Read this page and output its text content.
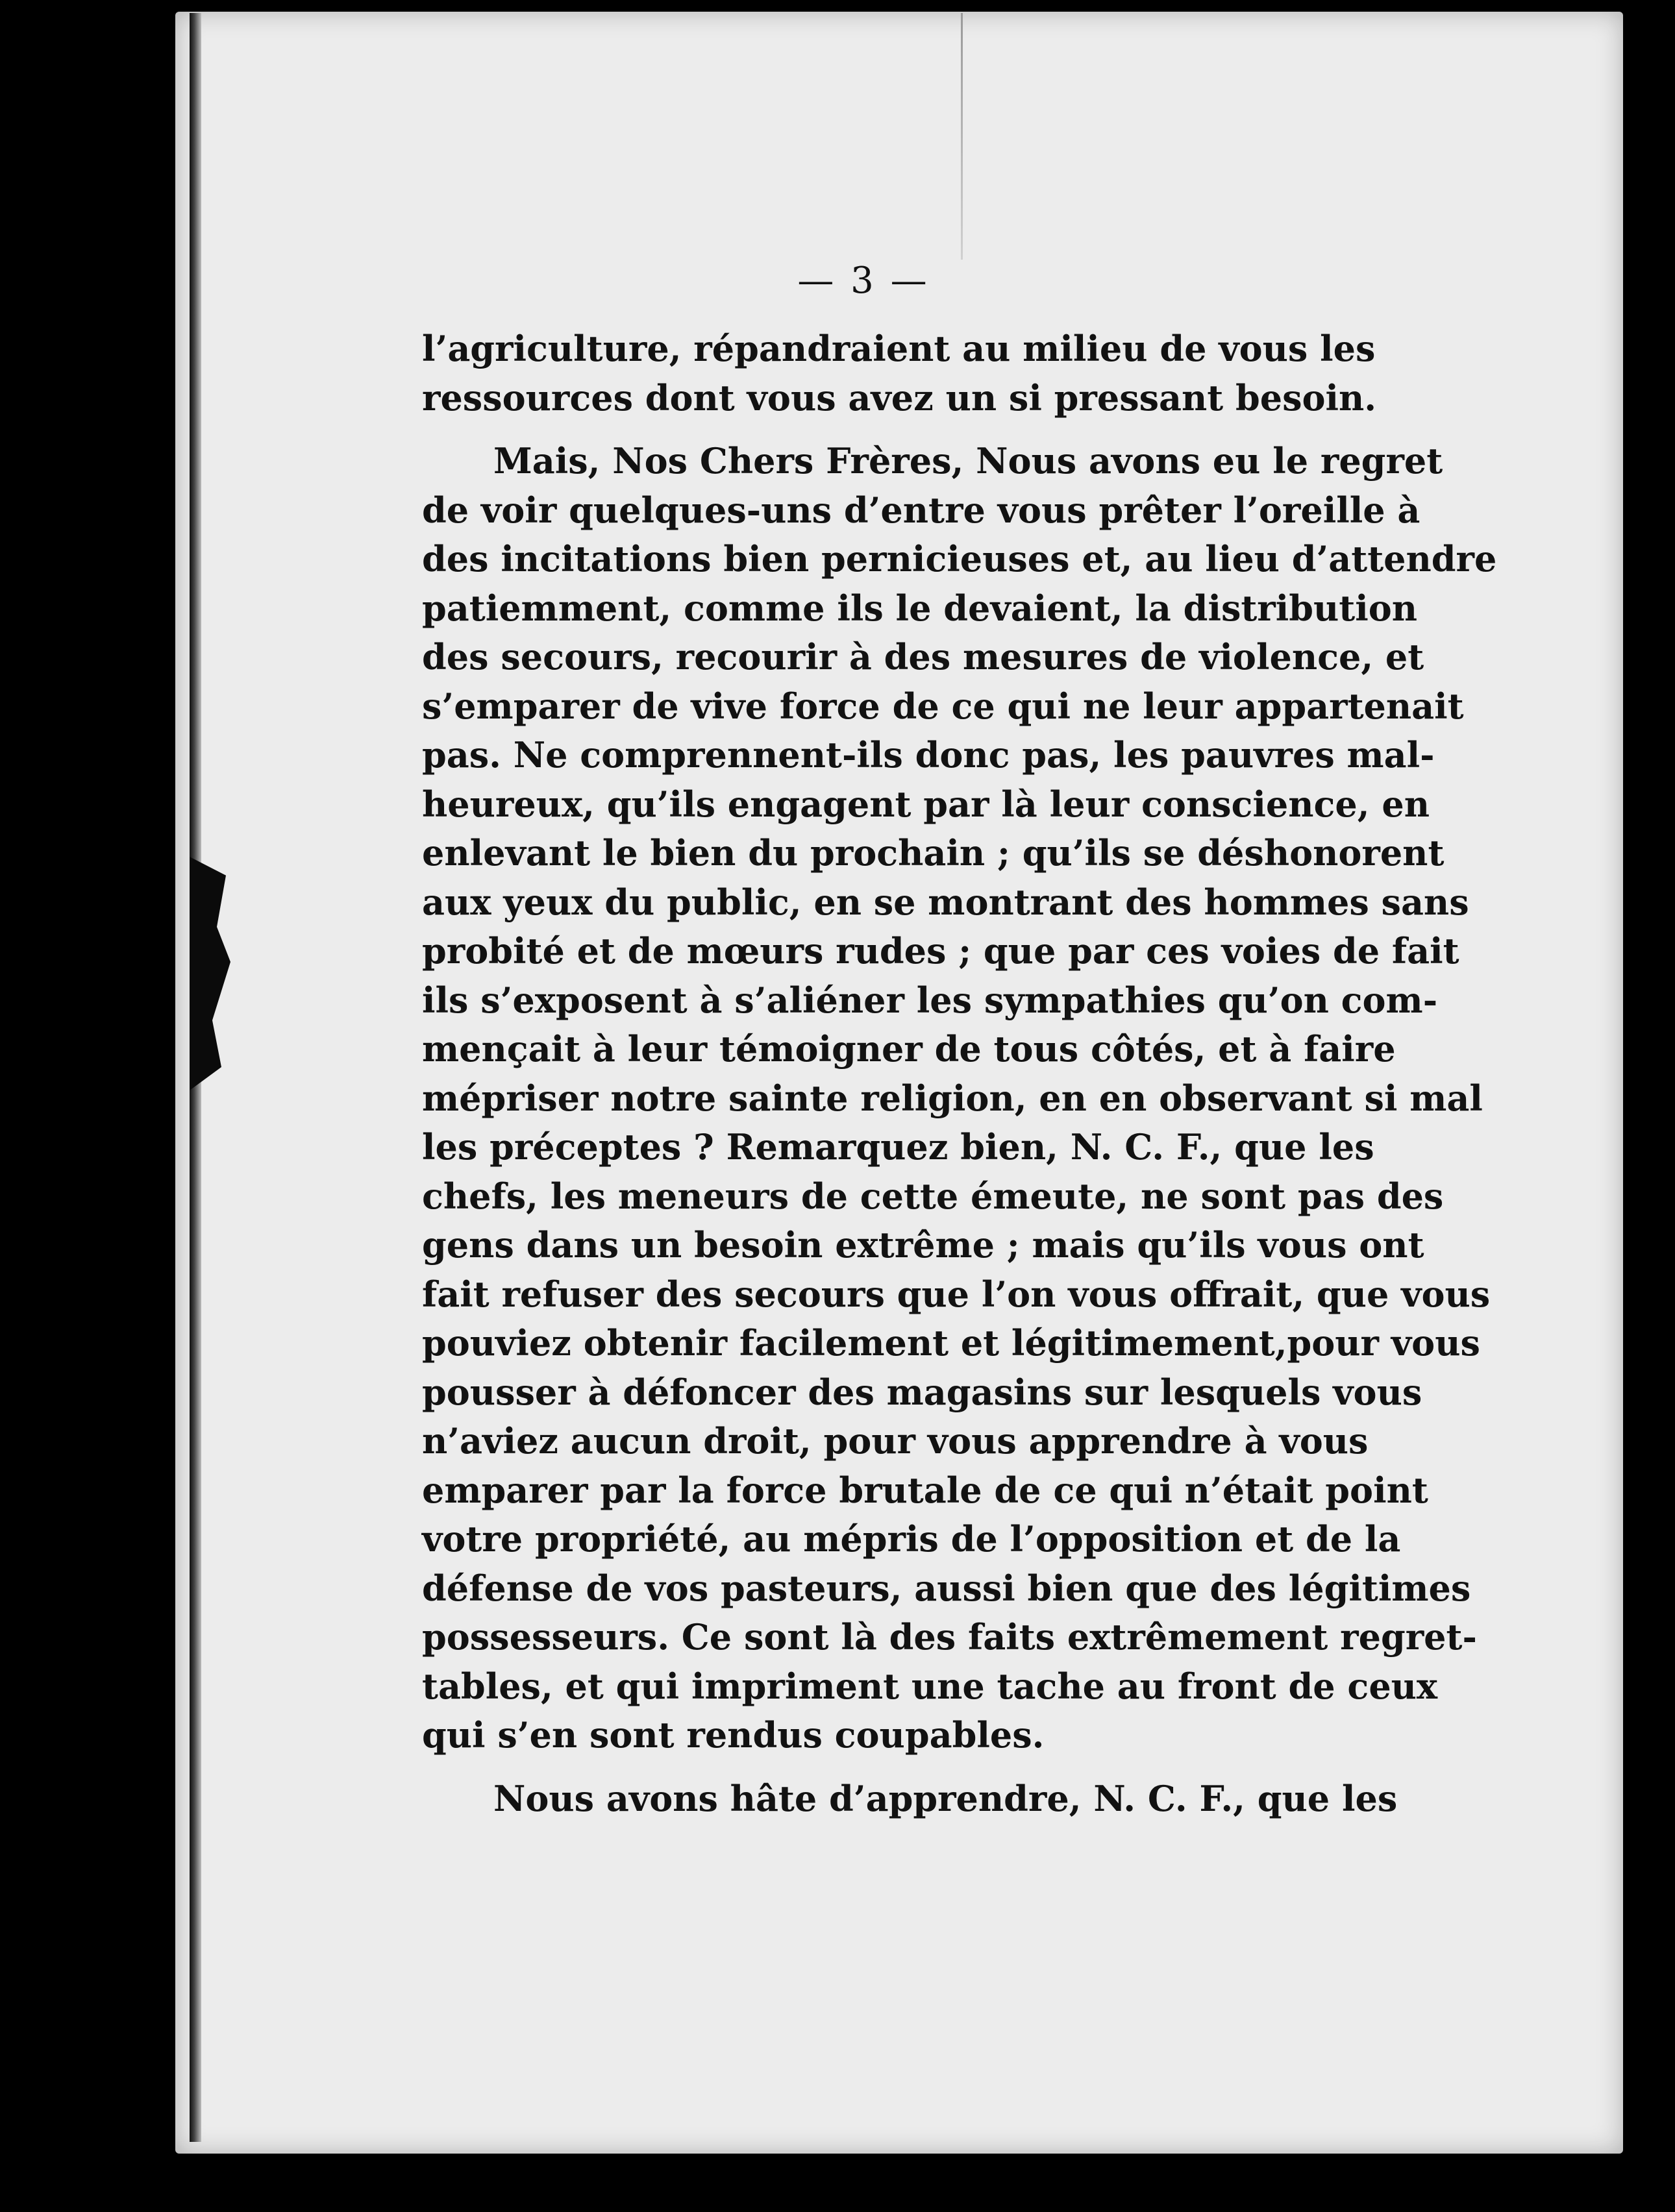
— 3 —
l’agriculture, répandraient au milieu de vous les
ressources dont vous avez un si pressant besoin.
Mais, Nos Chers Frères, Nous avons eu le regret
de voir quelques-uns d’entre vous prêter l’oreille à
des incitations bien pernicieuses et, au lieu d’attendre
patiemment, comme ils le devaient, la distribution
des secours, recourir à des mesures de violence, et
s’emparer de vive force de ce qui ne leur appartenait
pas. Ne comprennent-ils donc pas, les pauvres mal-
heureux, qu’ils engagent par là leur conscience, en
enlevant le bien du prochain ; qu’ils se déshonorent
aux yeux du public, en se montrant des hommes sans
probité et de mœurs rudes ; que par ces voies de fait
ils s’exposent à s’aliéner les sympathies qu’on com-
mençait à leur témoigner de tous côtés, et à faire
mépriser notre sainte religion, en en observant si mal
les préceptes ? Remarquez bien, N. C. F., que les
chefs, les meneurs de cette émeute, ne sont pas des
gens dans un besoin extrême ; mais qu’ils vous ont
fait refuser des secours que l’on vous offrait, que vous
pouviez obtenir facilement et légitimement,pour vous
pousser à défoncer des magasins sur lesquels vous
n’aviez aucun droit, pour vous apprendre à vous
emparer par la force brutale de ce qui n’était point
votre propriété, au mépris de l’opposition et de la
défense de vos pasteurs, aussi bien que des légitimes
possesseurs. Ce sont là des faits extrêmement regret-
tables, et qui impriment une tache au front de ceux
qui s’en sont rendus coupables.
Nous avons hâte d’apprendre, N. C. F., que les
